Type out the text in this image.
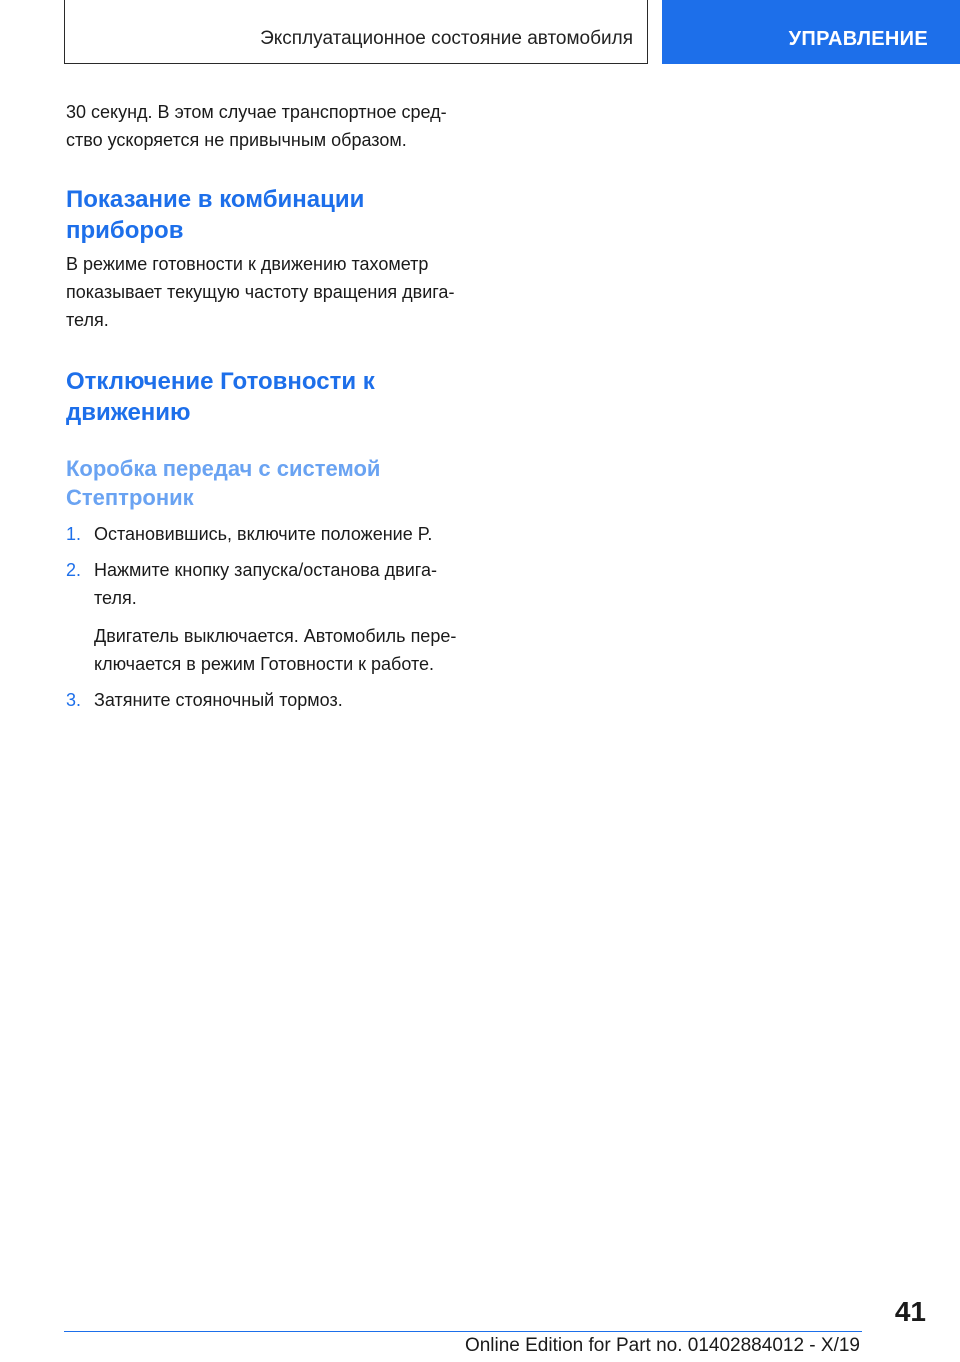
Эксплуатационное состояние автомобиля	УПРАВЛЕНИЕ

30 секунд. В этом случае транспортное сред-
ство ускоряется не привычным образом.

Показание в комбинации
приборов

В режиме готовности к движению тахометр
показывает текущую частоту вращения двига-
теля.

Отключение Готовности к
движению
Коробка передач с системой
Стептроник
1. Остановившись, включите положение P.

2. Нажмите кнопку запуска/останова двига-
теля.

Двигатель выключается. Автомобиль пере-
ключается в режим Готовности к работе.

3. Затяните стояночный тормоз.

41
Online Edition for Part no. 01402884012 - X/19
